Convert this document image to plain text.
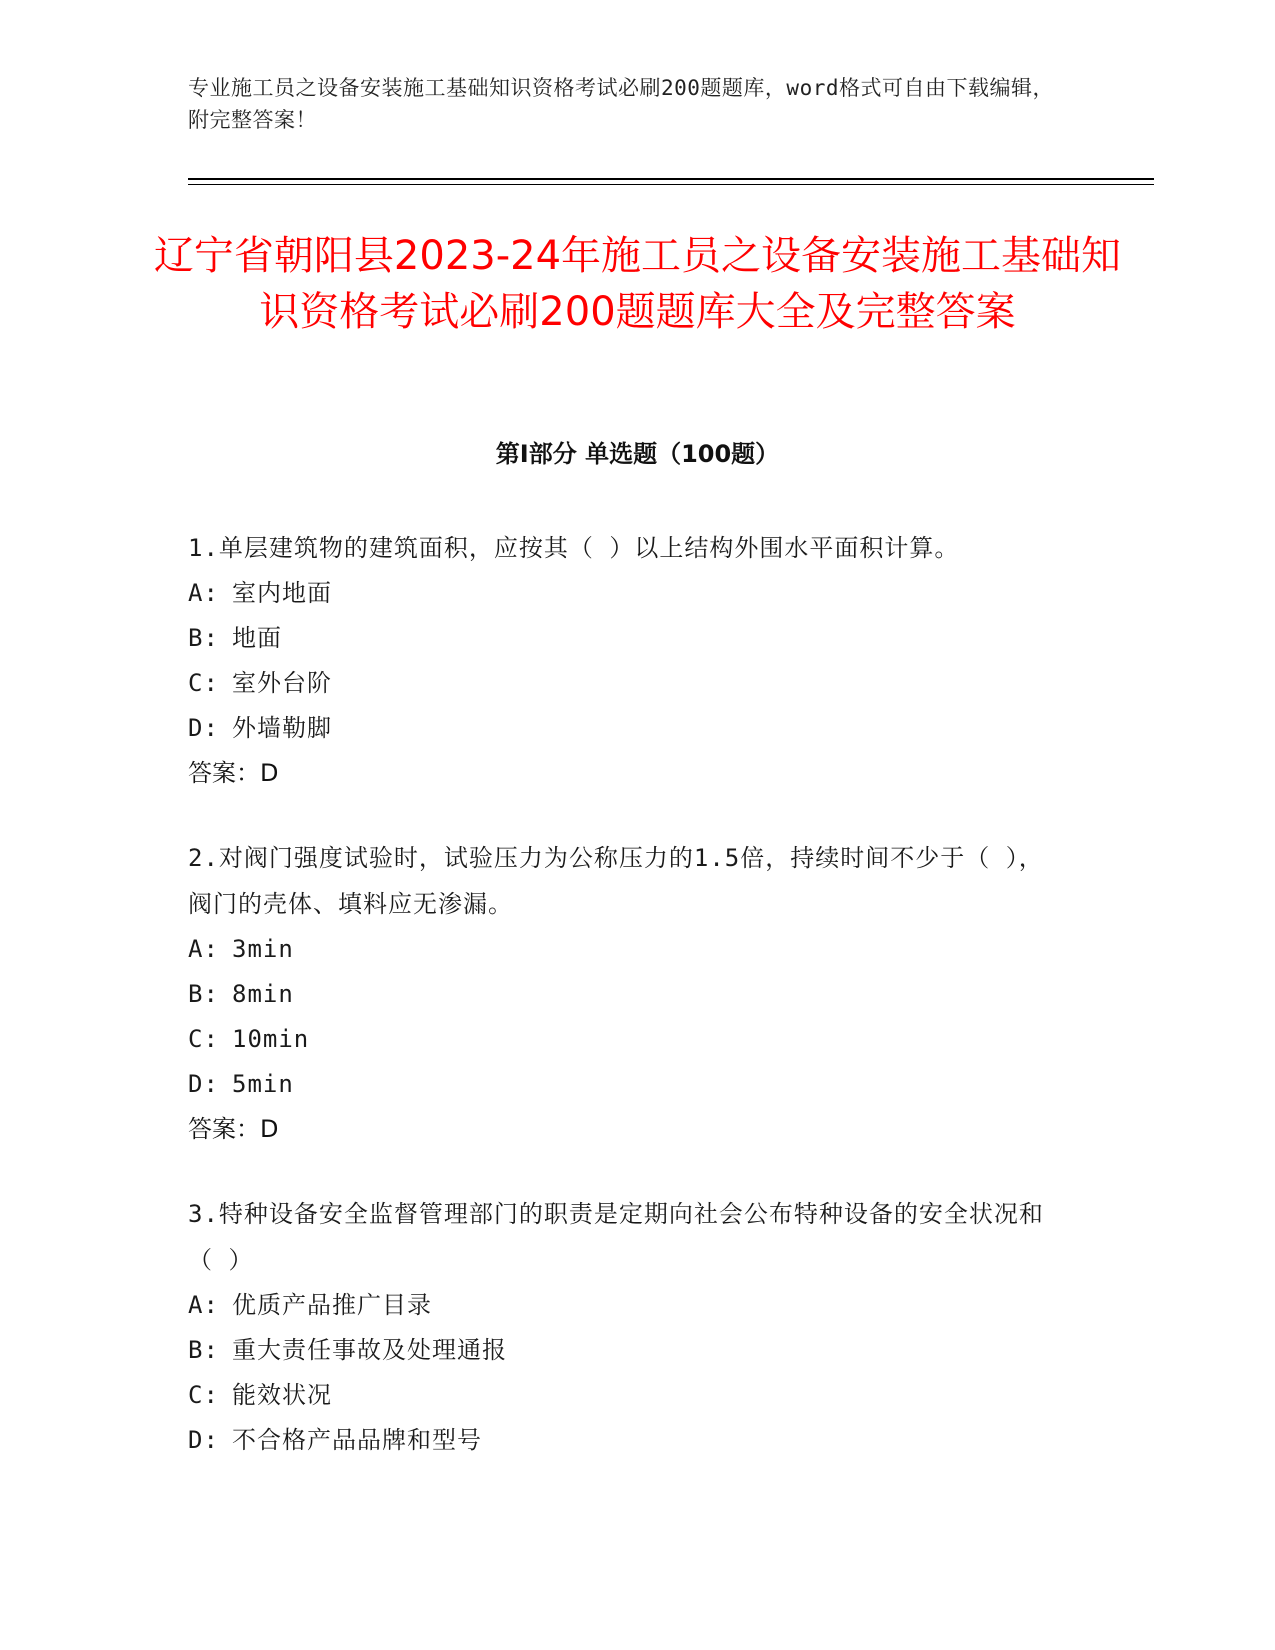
专业施工员之设备安装施工基础知识资格考试必刷200题题库，word格式可自由下载编辑，附完整答案！
辽宁省朝阳县2023-24年施工员之设备安装施工基础知识资格考试必刷200题题库大全及完整答案
第Ⅰ部分 单选题（100题）

1.单层建筑物的建筑面积，应按其（ ）以上结构外围水平面积计算。

A: 室内地面

B: 地面

C: 室外台阶

D: 外墙勒脚

答案：D

2.对阀门强度试验时，试验压力为公称压力的1.5倍，持续时间不少于（ ），阀门的壳体、填料应无渗漏。

A: 3min

B: 8min

C: 10min

D: 5min

答案：D

3.特种设备安全监督管理部门的职责是定期向社会公布特种设备的安全状况和（ ）

A: 优质产品推广目录

B: 重大责任事故及处理通报

C: 能效状况

D: 不合格产品品牌和型号
